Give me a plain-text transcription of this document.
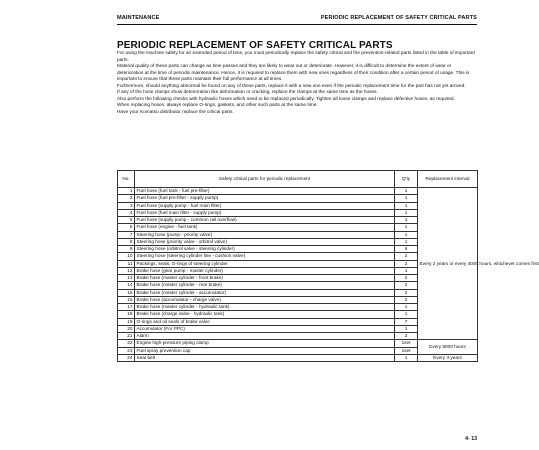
MAINTENANCE	PERIODIC REPLACEMENT OF SAFETY CRITICAL PARTS
PERIODIC REPLACEMENT OF SAFETY CRITICAL PARTS

For using the machine safely for an extended period of time, you must periodically replace the safety critical and fire prevention-related parts listed in the table of important parts.

Material quality of these parts can change as time passes and they are likely to wear out or deteriorate. However, it is difficult to determine the extent of wear or deterioration at the time of periodic maintenance. Hence, it is required to replace them with new ones regardless of their condition after a certain period of usage. This is important to ensure that these parts maintain their full performance at all times.

Furthermore, should anything abnormal be found on any of these parts, replace it with a new one even if the periodic replacement time for the part has not yet arrived.

If any of the hose clamps show deterioration like deformation or cracking, replace the clamps at the same time as the hoses.

Also perform the following checks with hydraulic hoses which need to be replaced periodically. Tighten all loose clamps and replace defective hoses, as required.

When replacing hoses, always replace O-rings, gaskets, and other such parts at the same time.

Have your Komatsu distributor replace the critical parts.

No.	Safety critical parts for periodic replacement	Q'ty	Replacement interval
1	Fuel hose (fuel tank - fuel pre-filter)	1	Every 2 years or every 4000 hours, whichever comes first
2	Fuel hose (fuel pre-filter - supply pump)	1	
3	Fuel hose (supply pump - fuel main filter)	1	
4	Fuel hose (fuel main filter - supply pump)	1	
5	Fuel hose (supply pump - common rail overflow)	1	
6	Fuel hose (engine - fuel tank)	1	
7	Steering hose (pump - priority valve)	1	
8	Steering hose (priority valve - orbitrol valve)	1	
9	Steering hose (orbitrol valve - steering cylinder)	6	
10	Steering hose (steering cylinder line - cushion valve)	2	
11	Packings, seals, O-rings of steering cylinder	2	
12	Brake hose (gear pump - master cylinder)	1	
13	Brake hose (master cylinder - front brake)	2	
14	Brake hose (master cylinder - rear brake)	2	
15	Brake hose (master cylinder - accumulator)	2	
16	Brake hose (accumulator - charge valve)	2	
17	Brake hose (master cylinder - hydraulic tank)	1	
18	Brake hose (charge valve - hydraulic tank)	1	
19	O-rings and oil seals of brake valve	7	
20	Accumulator (For PPC)	1	
21	Alarm	2	
22	Engine high-pressure piping clamp	1set	Every 8000 hours
23	Fuel spray prevention cap	1set	
24	Seat belt	1	Every 3 years
4- 13
